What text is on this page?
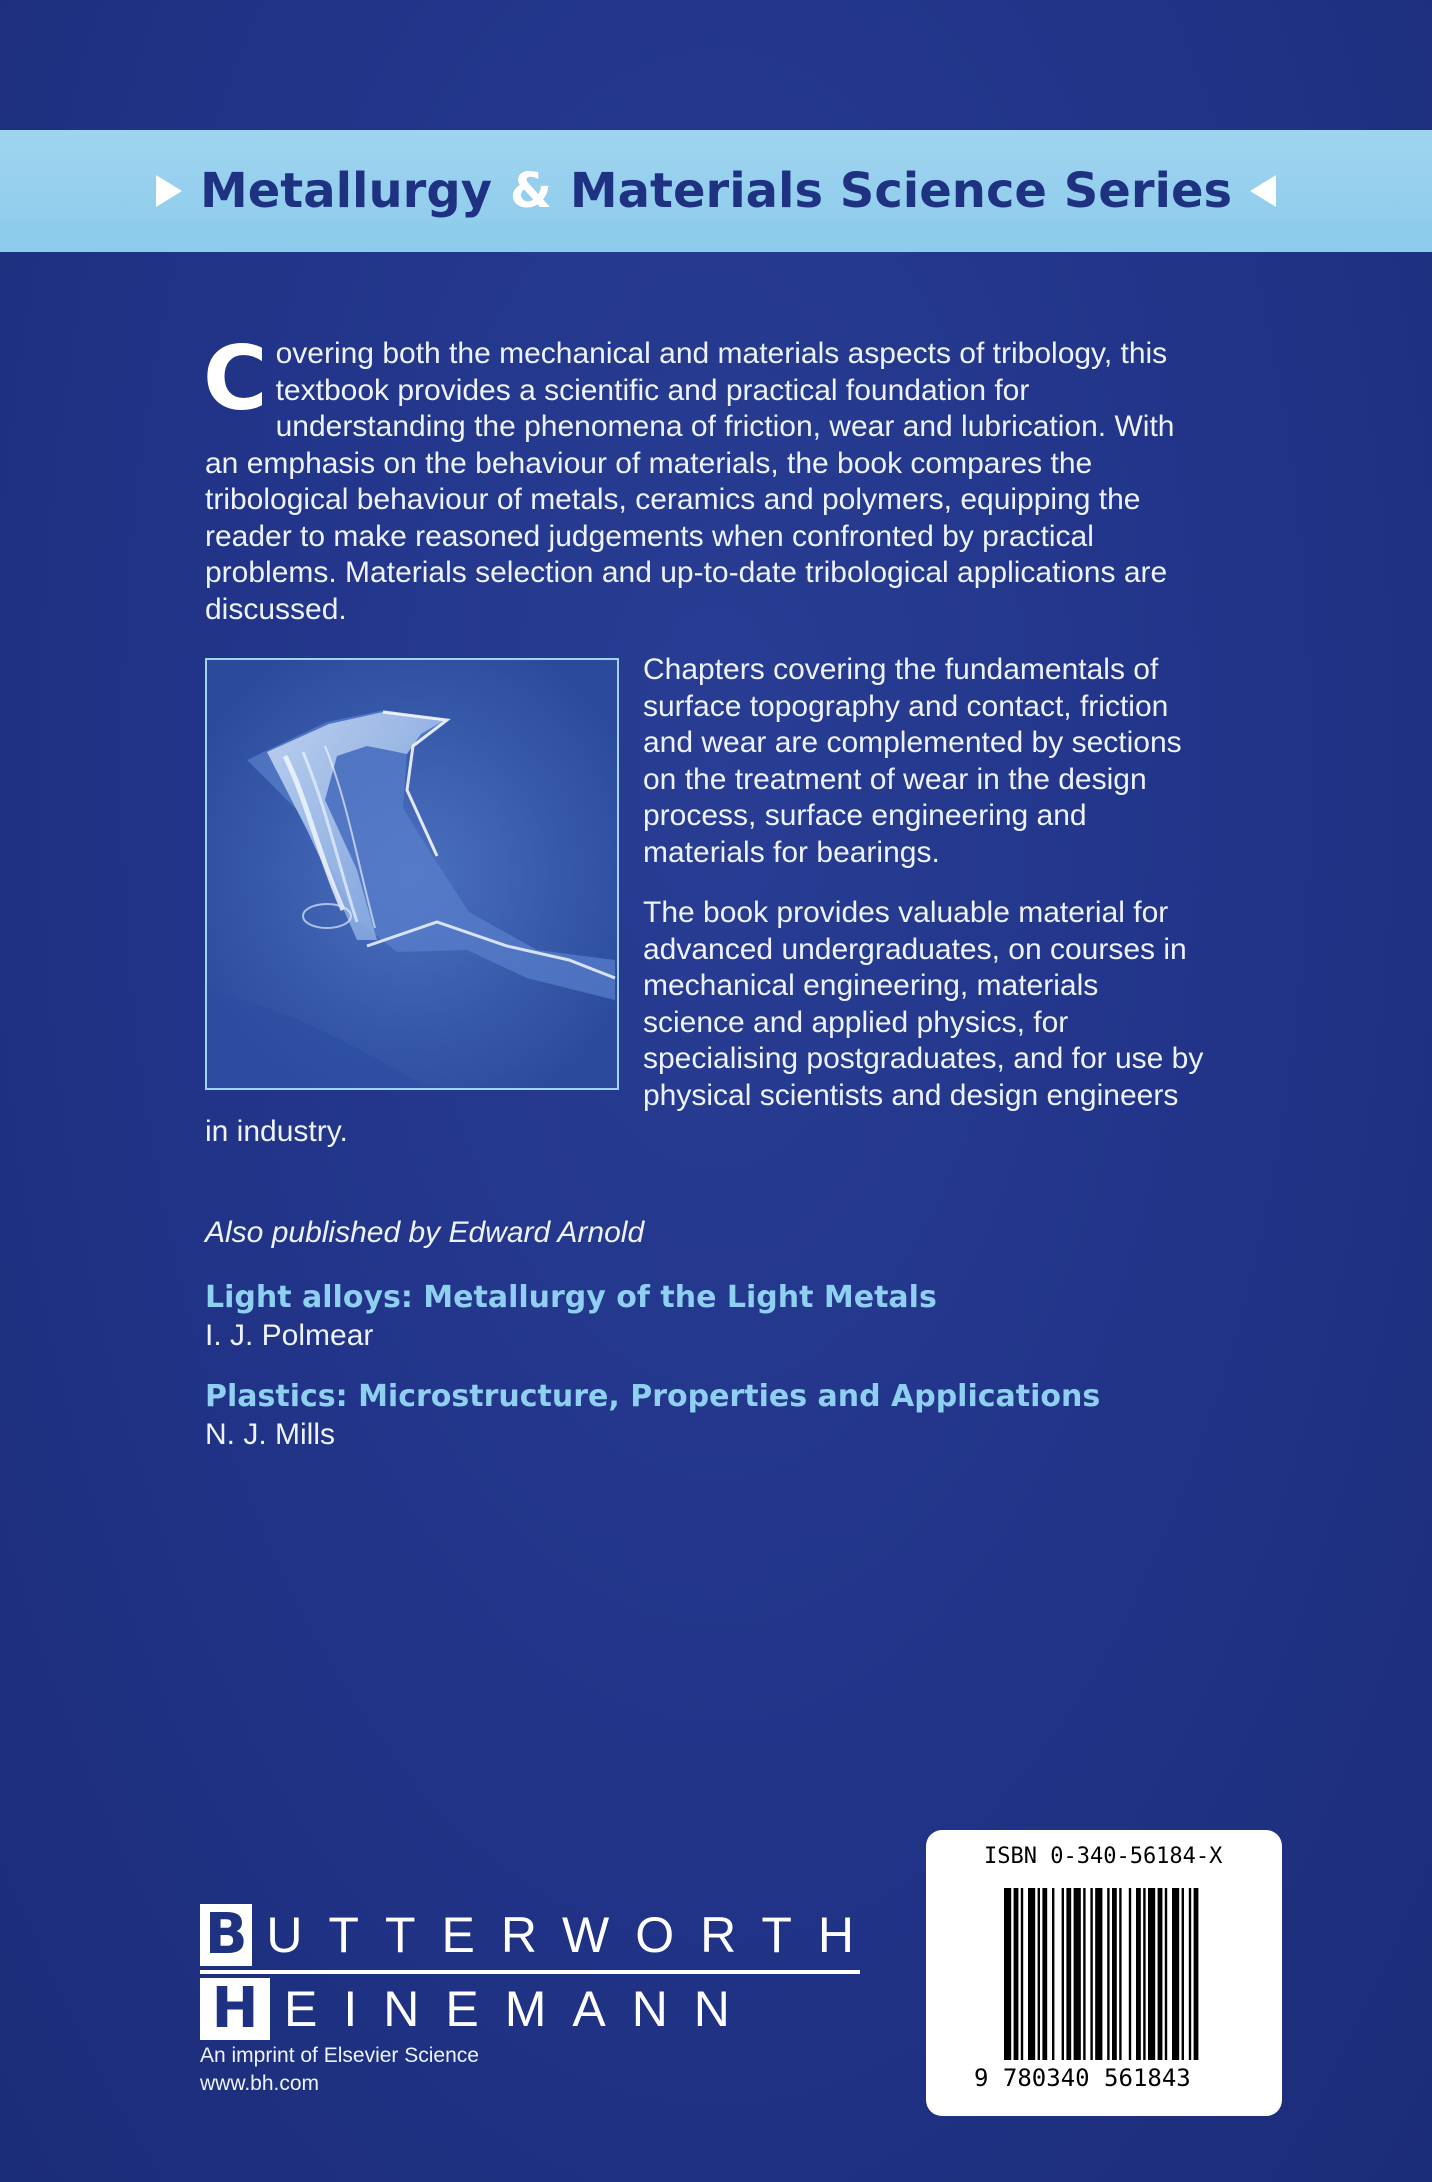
Metallurgy & Materials Science Series

Covering both the mechanical and materials aspects of tribology, this textbook provides a scientific and practical foundation for understanding the phenomena of friction, wear and lubrication. With an emphasis on the behaviour of materials, the book compares the tribological behaviour of metals, ceramics and polymers, equipping the reader to make reasoned judgements when confronted by practical problems. Materials selection and up-to-date tribological applications are discussed.

Chapters covering the fundamentals of surface topography and contact, friction and wear are complemented by sections on the treatment of wear in the design process, surface engineering and materials for bearings.

The book provides valuable material for advanced undergraduates, on courses in mechanical engineering, materials science and applied physics, for specialising postgraduates, and for use by physical scientists and design engineers in industry.

Also published by Edward Arnold
Light alloys: Metallurgy of the Light Metals
I. J. Polmear
Plastics: Microstructure, Properties and Applications
N. J. Mills
B UTTERWORTH
H EINEMANN
An imprint of Elsevier Science
www.bh.com
ISBN 0-340-56184-X
9 780340 561843
